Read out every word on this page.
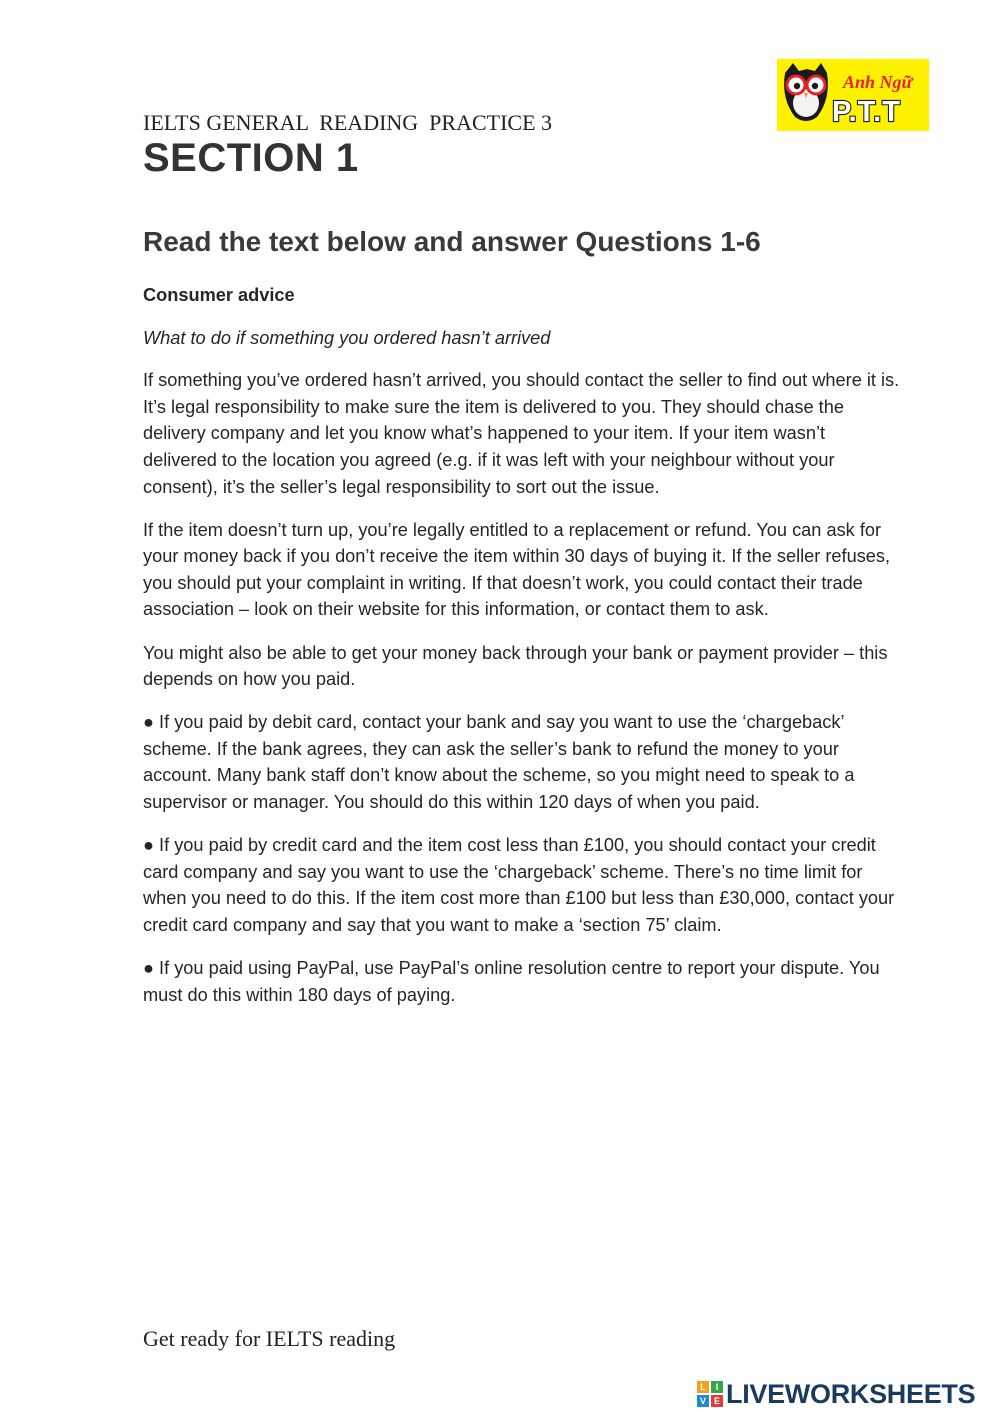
Anh Ngữ
P.T.T
IELTS GENERAL  READING  PRACTICE 3
SECTION 1
Read the text below and answer Questions 1-6

Consumer advice

What to do if something you ordered hasn’t arrived

If something you’ve ordered hasn’t arrived, you should contact the seller to find out where it is. It’s legal responsibility to make sure the item is delivered to you. They should chase the delivery company and let you know what’s happened to your item. If your item wasn’t delivered to the location you agreed (e.g. if it was left with your neighbour without your consent), it’s the seller’s legal responsibility to sort out the issue.

If the item doesn’t turn up, you’re legally entitled to a replacement or refund. You can ask for your money back if you don’t receive the item within 30 days of buying it. If the seller refuses, you should put your complaint in writing. If that doesn’t work, you could contact their trade association – look on their website for this information, or contact them to ask.

You might also be able to get your money back through your bank or payment provider – this depends on how you paid.

● If you paid by debit card, contact your bank and say you want to use the ‘chargeback’ scheme. If the bank agrees, they can ask the seller’s bank to refund the money to your account. Many bank staff don’t know about the scheme, so you might need to speak to a supervisor or manager. You should do this within 120 days of when you paid.

● If you paid by credit card and the item cost less than £100, you should contact your credit card company and say you want to use the ‘chargeback’ scheme. There’s no time limit for when you need to do this. If the item cost more than £100 but less than £30,000, contact your credit card company and say that you want to make a ‘section 75’ claim.

● If you paid using PayPal, use PayPal’s online resolution centre to report your dispute. You must do this within 180 days of paying.

Get ready for IELTS reading
L	I
V E LIVEWORKSHEETS
